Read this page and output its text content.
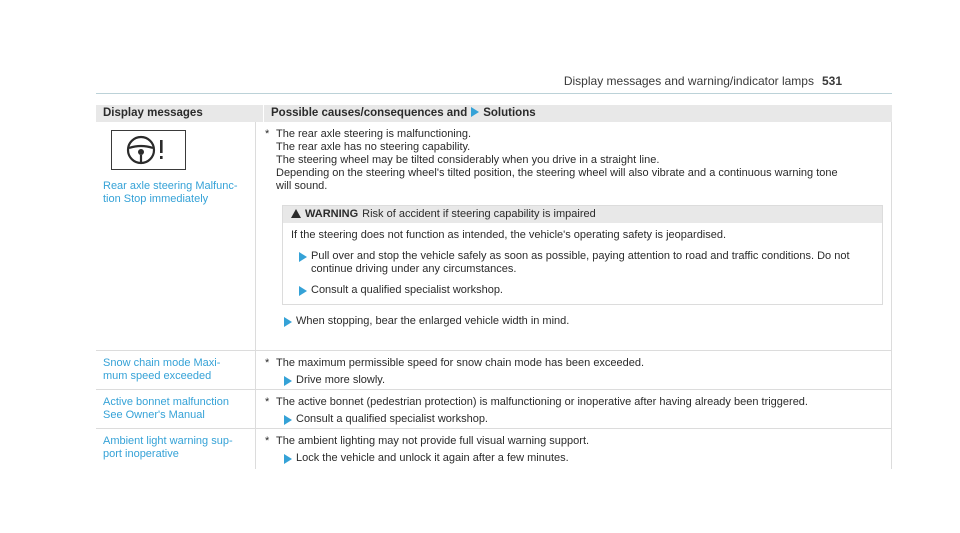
Display messages and warning/indicator lamps 531
Display messages	Possible causes/consequences and Solutions
Rear axle steering Malfunc-tion Stop immediately
* The rear axle steering is malfunctioning.
The rear axle has no steering capability.
The steering wheel may be tilted considerably when you drive in a straight line.
Depending on the steering wheel's tilted position, the steering wheel will also vibrate and a continuous warning tone will sound.
WARNING Risk of accident if steering capability is impaired
If the steering does not function as intended, the vehicle's operating safety is jeopardised.
Pull over and stop the vehicle safely as soon as possible, paying attention to road and traffic conditions. Do not continue driving under any circumstances.
Consult a qualified specialist workshop.
When stopping, bear the enlarged vehicle width in mind.
Snow chain mode Maxi-mum speed exceeded
* The maximum permissible speed for snow chain mode has been exceeded.
Drive more slowly.
Active bonnet malfunction See Owner's Manual
* The active bonnet (pedestrian protection) is malfunctioning or inoperative after having already been triggered.
Consult a qualified specialist workshop.
Ambient light warning sup-port inoperative
* The ambient lighting may not provide full visual warning support.
Lock the vehicle and unlock it again after a few minutes.
